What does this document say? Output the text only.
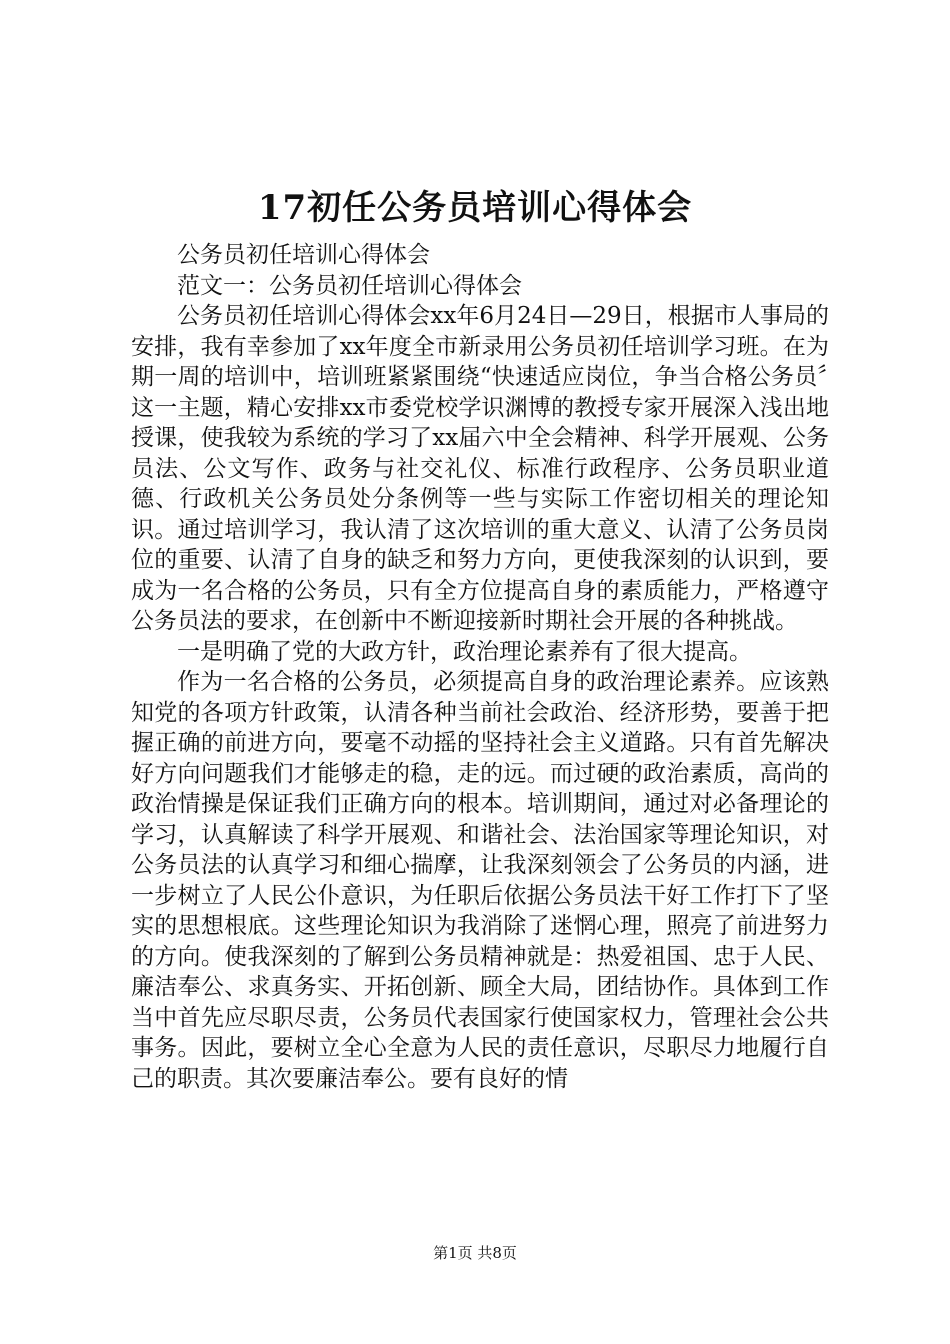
17初任公务员培训心得体会

公务员初任培训心得体会

范文一：公务员初任培训心得体会

公务员初任培训心得体会xx年6月24日—29日，根据市人事局的安排，我有幸参加了xx年度全市新录用公务员初任培训学习班。在为期一周的培训中，培训班紧紧围绕“快速适应岗位，争当合格公务员〞这一主题，精心安排xx市委党校学识渊博的教授专家开展深入浅出地授课，使我较为系统的学习了xx届六中全会精神、科学开展观、公务员法、公文写作、政务与社交礼仪、标准行政程序、公务员职业道德、行政机关公务员处分条例等一些与实际工作密切相关的理论知识。通过培训学习，我认清了这次培训的重大意义、认清了公务员岗位的重要、认清了自身的缺乏和努力方向，更使我深刻的认识到，要成为一名合格的公务员，只有全方位提高自身的素质能力，严格遵守公务员法的要求，在创新中不断迎接新时期社会开展的各种挑战。

一是明确了党的大政方针，政治理论素养有了很大提高。

作为一名合格的公务员，必须提高自身的政治理论素养。应该熟知党的各项方针政策，认清各种当前社会政治、经济形势，要善于把握正确的前进方向，要毫不动摇的坚持社会主义道路。只有首先解决好方向问题我们才能够走的稳，走的远。而过硬的政治素质，高尚的政治情操是保证我们正确方向的根本。培训期间，通过对必备理论的学习，认真解读了科学开展观、和谐社会、法治国家等理论知识，对公务员法的认真学习和细心揣摩，让我深刻领会了公务员的内涵，进一步树立了人民公仆意识，为任职后依据公务员法干好工作打下了坚实的思想根底。这些理论知识为我消除了迷惘心理，照亮了前进努力的方向。使我深刻的了解到公务员精神就是：热爱祖国、忠于人民、廉洁奉公、求真务实、开拓创新、顾全大局，团结协作。具体到工作当中首先应尽职尽责，公务员代表国家行使国家权力，管理社会公共事务。因此，要树立全心全意为人民的责任意识，尽职尽力地履行自己的职责。其次要廉洁奉公。要有良好的情

第1页 共8页
